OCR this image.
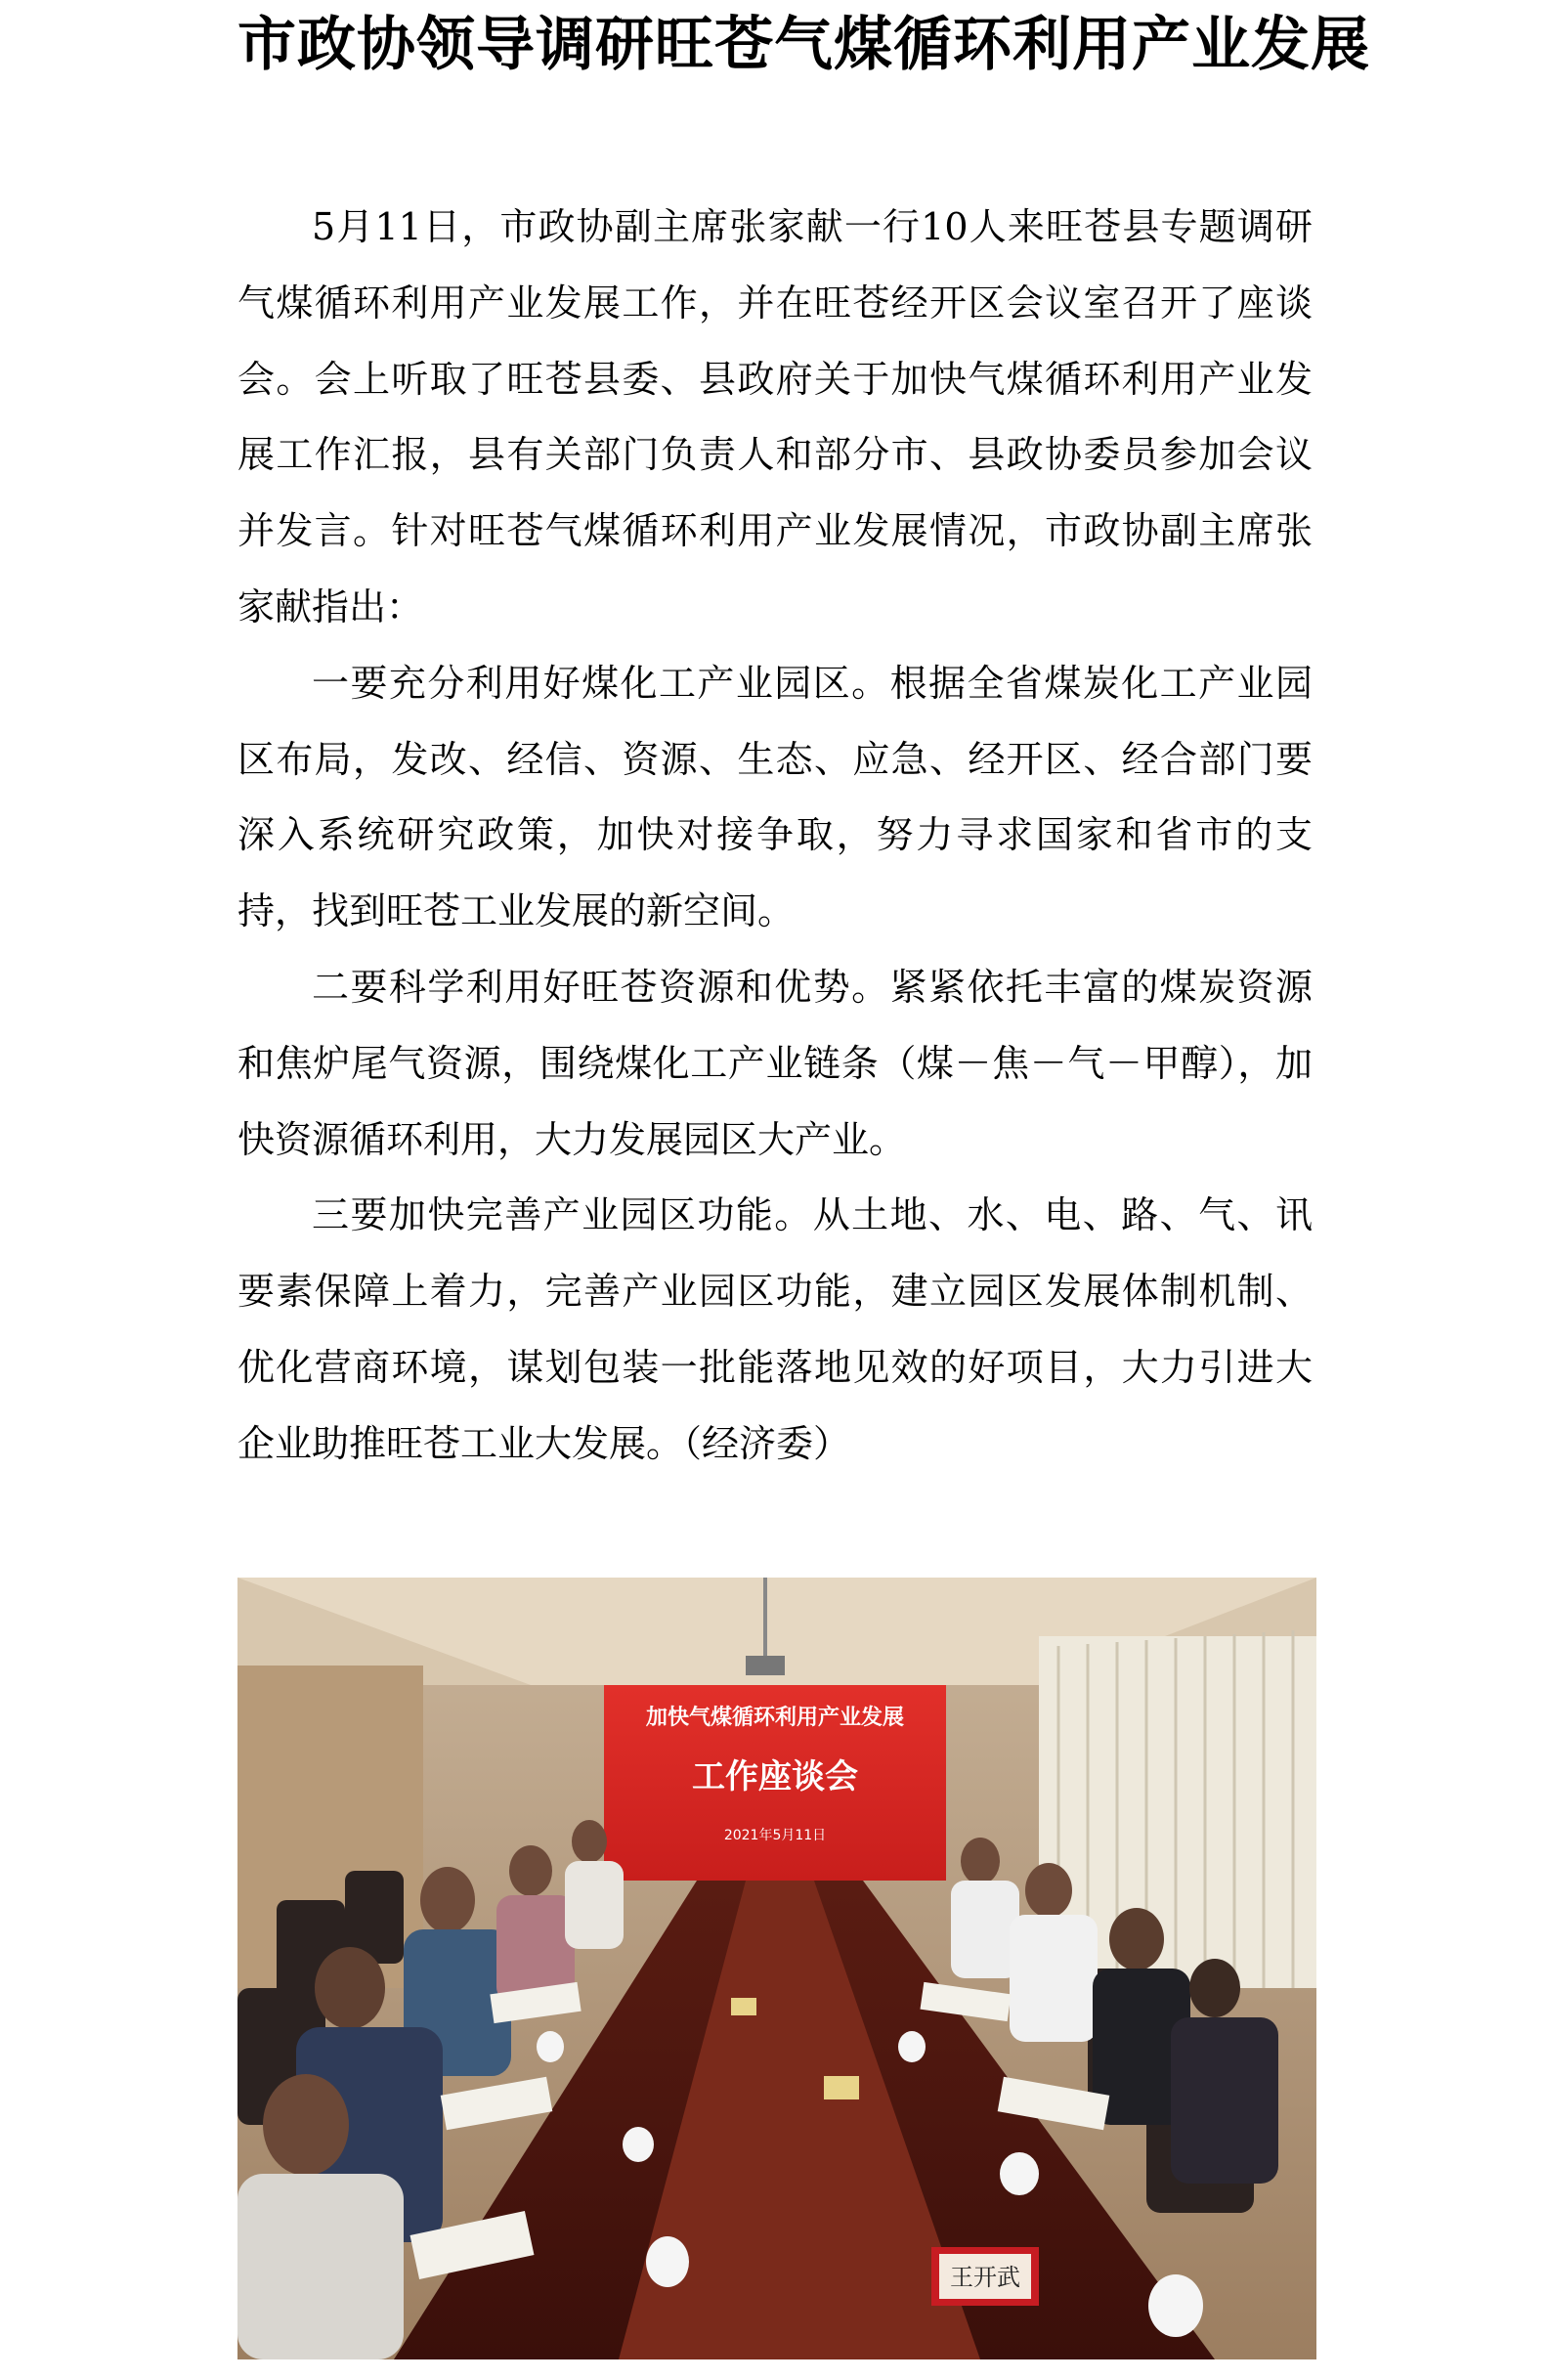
市政协领导调研旺苍气煤循环利用产业发展

5月11日，市政协副主席张家献一行10人来旺苍县专题调研气煤循环利用产业发展工作，并在旺苍经开区会议室召开了座谈会。会上听取了旺苍县委、县政府关于加快气煤循环利用产业发展工作汇报，县有关部门负责人和部分市、县政协委员参加会议并发言。针对旺苍气煤循环利用产业发展情况，市政协副主席张家献指出：

一要充分利用好煤化工产业园区。根据全省煤炭化工产业园区布局，发改、经信、资源、生态、应急、经开区、经合部门要深入系统研究政策，加快对接争取，努力寻求国家和省市的支持，找到旺苍工业发展的新空间。

二要科学利用好旺苍资源和优势。紧紧依托丰富的煤炭资源和焦炉尾气资源，围绕煤化工产业链条（煤－焦－气－甲醇），加快资源循环利用，大力发展园区大产业。

三要加快完善产业园区功能。从土地、水、电、路、气、讯要素保障上着力，完善产业园区功能，建立园区发展体制机制、优化营商环境，谋划包装一批能落地见效的好项目，大力引进大企业助推旺苍工业大发展。（经济委）

加快气煤循环利用产业发展
工作座谈会
2021年5月11日
王开武
